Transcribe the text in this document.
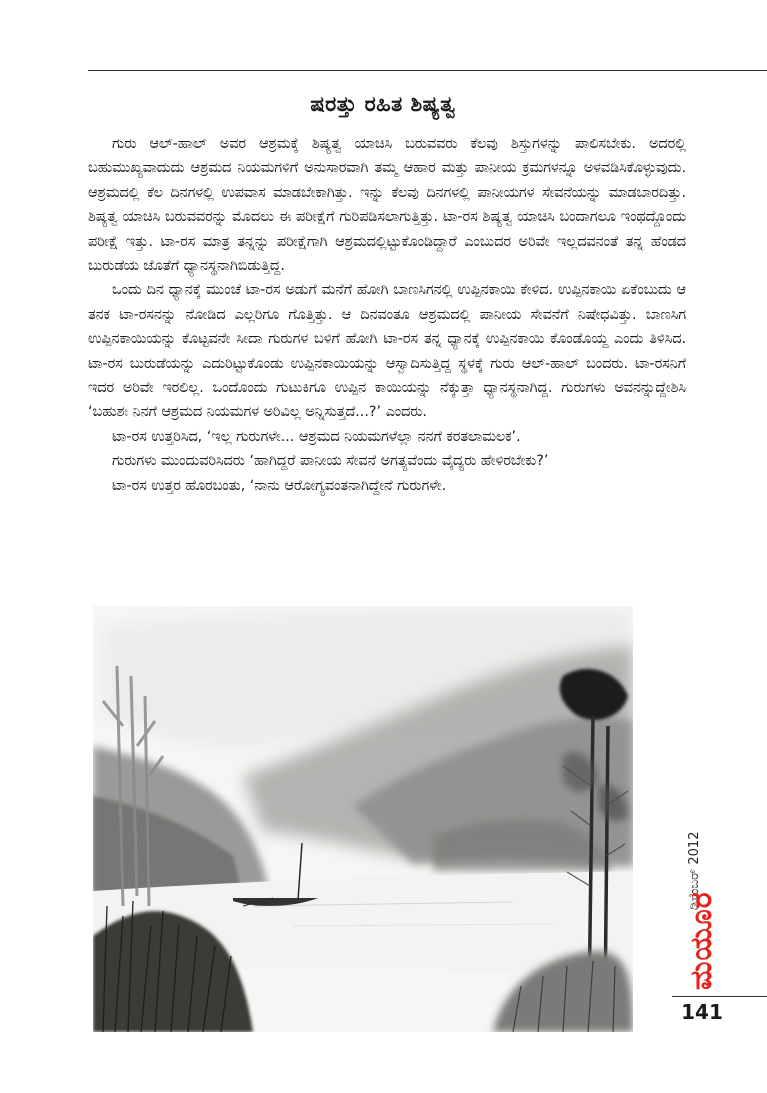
ಷರತ್ತು ರಹಿತ ಶಿಷ್ಯತ್ವ

ಗುರು ಆಲ್-ಹಾಲ್ ಅವರ ಆಶ್ರಮಕ್ಕೆ ಶಿಷ್ಯತ್ವ ಯಾಚಿಸಿ ಬರುವವರು ಕೆಲವು ಶಿಸ್ತುಗಳನ್ನು ಪಾಲಿಸಬೇಕು. ಅದರಲ್ಲಿ ಬಹುಮುಖ್ಯವಾದುದು ಆಶ್ರಮದ ನಿಯಮಗಳಿಗೆ ಅನುಸಾರವಾಗಿ ತಮ್ಮ ಆಹಾರ ಮತ್ತು ಪಾನೀಯ ಕ್ರಮಗಳನ್ನೂ ಅಳವಡಿಸಿಕೊಳ್ಳುವುದು. ಆಶ್ರಮದಲ್ಲಿ ಕೆಲ ದಿನಗಳಲ್ಲಿ ಉಪವಾಸ ಮಾಡಬೇಕಾಗಿತ್ತು. ಇನ್ನು ಕೆಲವು ದಿನಗಳಲ್ಲಿ ಪಾನೀಯಗಳ ಸೇವನೆಯನ್ನು ಮಾಡಬಾರದಿತ್ತು. ಶಿಷ್ಯತ್ವ ಯಾಚಿಸಿ ಬರುವವರನ್ನು ಮೊದಲು ಈ ಪರೀಕ್ಷೆಗೆ ಗುರಿಪಡಿಸಲಾಗುತ್ತಿತ್ತು. ಟಾ-ರಸ ಶಿಷ್ಯತ್ವ ಯಾಚಿಸಿ ಬಂದಾಗಲೂ ಇಂಥದ್ದೊಂದು ಪರೀಕ್ಷೆ ಇತ್ತು. ಟಾ-ರಸ ಮಾತ್ರ ತನ್ನನ್ನು ಪರೀಕ್ಷೆಗಾಗಿ ಆಶ್ರಮದಲ್ಲಿಟ್ಟುಕೊಂಡಿದ್ದಾರೆ ಎಂಬುದರ ಅರಿವೇ ಇಲ್ಲದವನಂತೆ ತನ್ನ ಹೆಂಡದ ಬುರುಡೆಯ ಜೊತೆಗೆ ಧ್ಯಾನಸ್ಥನಾಗಿಬಿಡುತ್ತಿದ್ದ.

ಒಂದು ದಿನ ಧ್ಯಾನಕ್ಕೆ ಮುಂಚೆ ಟಾ-ರಸ ಅಡುಗೆ ಮನೆಗೆ ಹೋಗಿ ಬಾಣಸಿಗನಲ್ಲಿ ಉಪ್ಪಿನಕಾಯಿ ಕೇಳಿದ. ಉಪ್ಪಿನಕಾಯಿ ಏಕೆಂಬುದು ಆ ತನಕ ಟಾ-ರಸನನ್ನು ನೋಡಿದ ಎಲ್ಲರಿಗೂ ಗೊತ್ತಿತ್ತು. ಆ ದಿನವಂತೂ ಆಶ್ರಮದಲ್ಲಿ ಪಾನೀಯ ಸೇವನೆಗೆ ನಿಷೇಧವಿತ್ತು. ಬಾಣಸಿಗ ಉಪ್ಪಿನಕಾಯಿಯನ್ನು ಕೊಟ್ಟವನೇ ಸೀದಾ ಗುರುಗಳ ಬಳಿಗೆ ಹೋಗಿ ಟಾ-ರಸ ತನ್ನ ಧ್ಯಾನಕ್ಕೆ ಉಪ್ಪಿನಕಾಯಿ ಕೊಂಡೊಯ್ದ ಎಂದು ತಿಳಿಸಿದ. ಟಾ-ರಸ ಬುರುಡೆಯನ್ನು ಎದುರಿಟ್ಟುಕೊಂಡು ಉಪ್ಪಿನಕಾಯಿಯನ್ನು ಆಸ್ವಾದಿಸುತ್ತಿದ್ದ ಸ್ಥಳಕ್ಕೆ ಗುರು ಆಲ್-ಹಾಲ್ ಬಂದರು. ಟಾ-ರಸನಿಗೆ ಇದರ ಅರಿವೇ ಇರಲಿಲ್ಲ. ಒಂದೊಂದು ಗುಟುಕಿಗೂ ಉಪ್ಪಿನ ಕಾಯಿಯನ್ನು ನೆಕ್ಕುತ್ತಾ ಧ್ಯಾನಸ್ಥನಾಗಿದ್ದ. ಗುರುಗಳು ಅವನನ್ನುದ್ದೇಶಿಸಿ ‘ಬಹುಶಃ ನಿನಗೆ ಆಶ್ರಮದ ನಿಯಮಗಳ ಅರಿವಿಲ್ಲ ಅನ್ನಿಸುತ್ತದೆ...?’ ಎಂದರು.

ಟಾ-ರಸ ಉತ್ತರಿಸಿದ, ‘ಇಲ್ಲ ಗುರುಗಳೇ... ಆಶ್ರಮದ ನಿಯಮಗಳೆಲ್ಲಾ ನನಗೆ ಕರತಲಾಮಲಕ’.

ಗುರುಗಳು ಮುಂದುವರಿಸಿದರು ‘ಹಾಗಿದ್ದರೆ ಪಾನೀಯ ಸೇವನೆ ಅಗತ್ಯವೆಂದು ವೈದ್ಯರು ಹೇಳಿರಬೇಕು?’

ಟಾ-ರಸ ಉತ್ತರ ಹೊರಬಂತು, ‘ನಾನು ಆರೋಗ್ಯವಂತನಾಗಿದ್ದೇನೆ ಗುರುಗಳೇ.

ಡಿಸೆಂಬರ್ 2012
ಮಯೂರ
141
